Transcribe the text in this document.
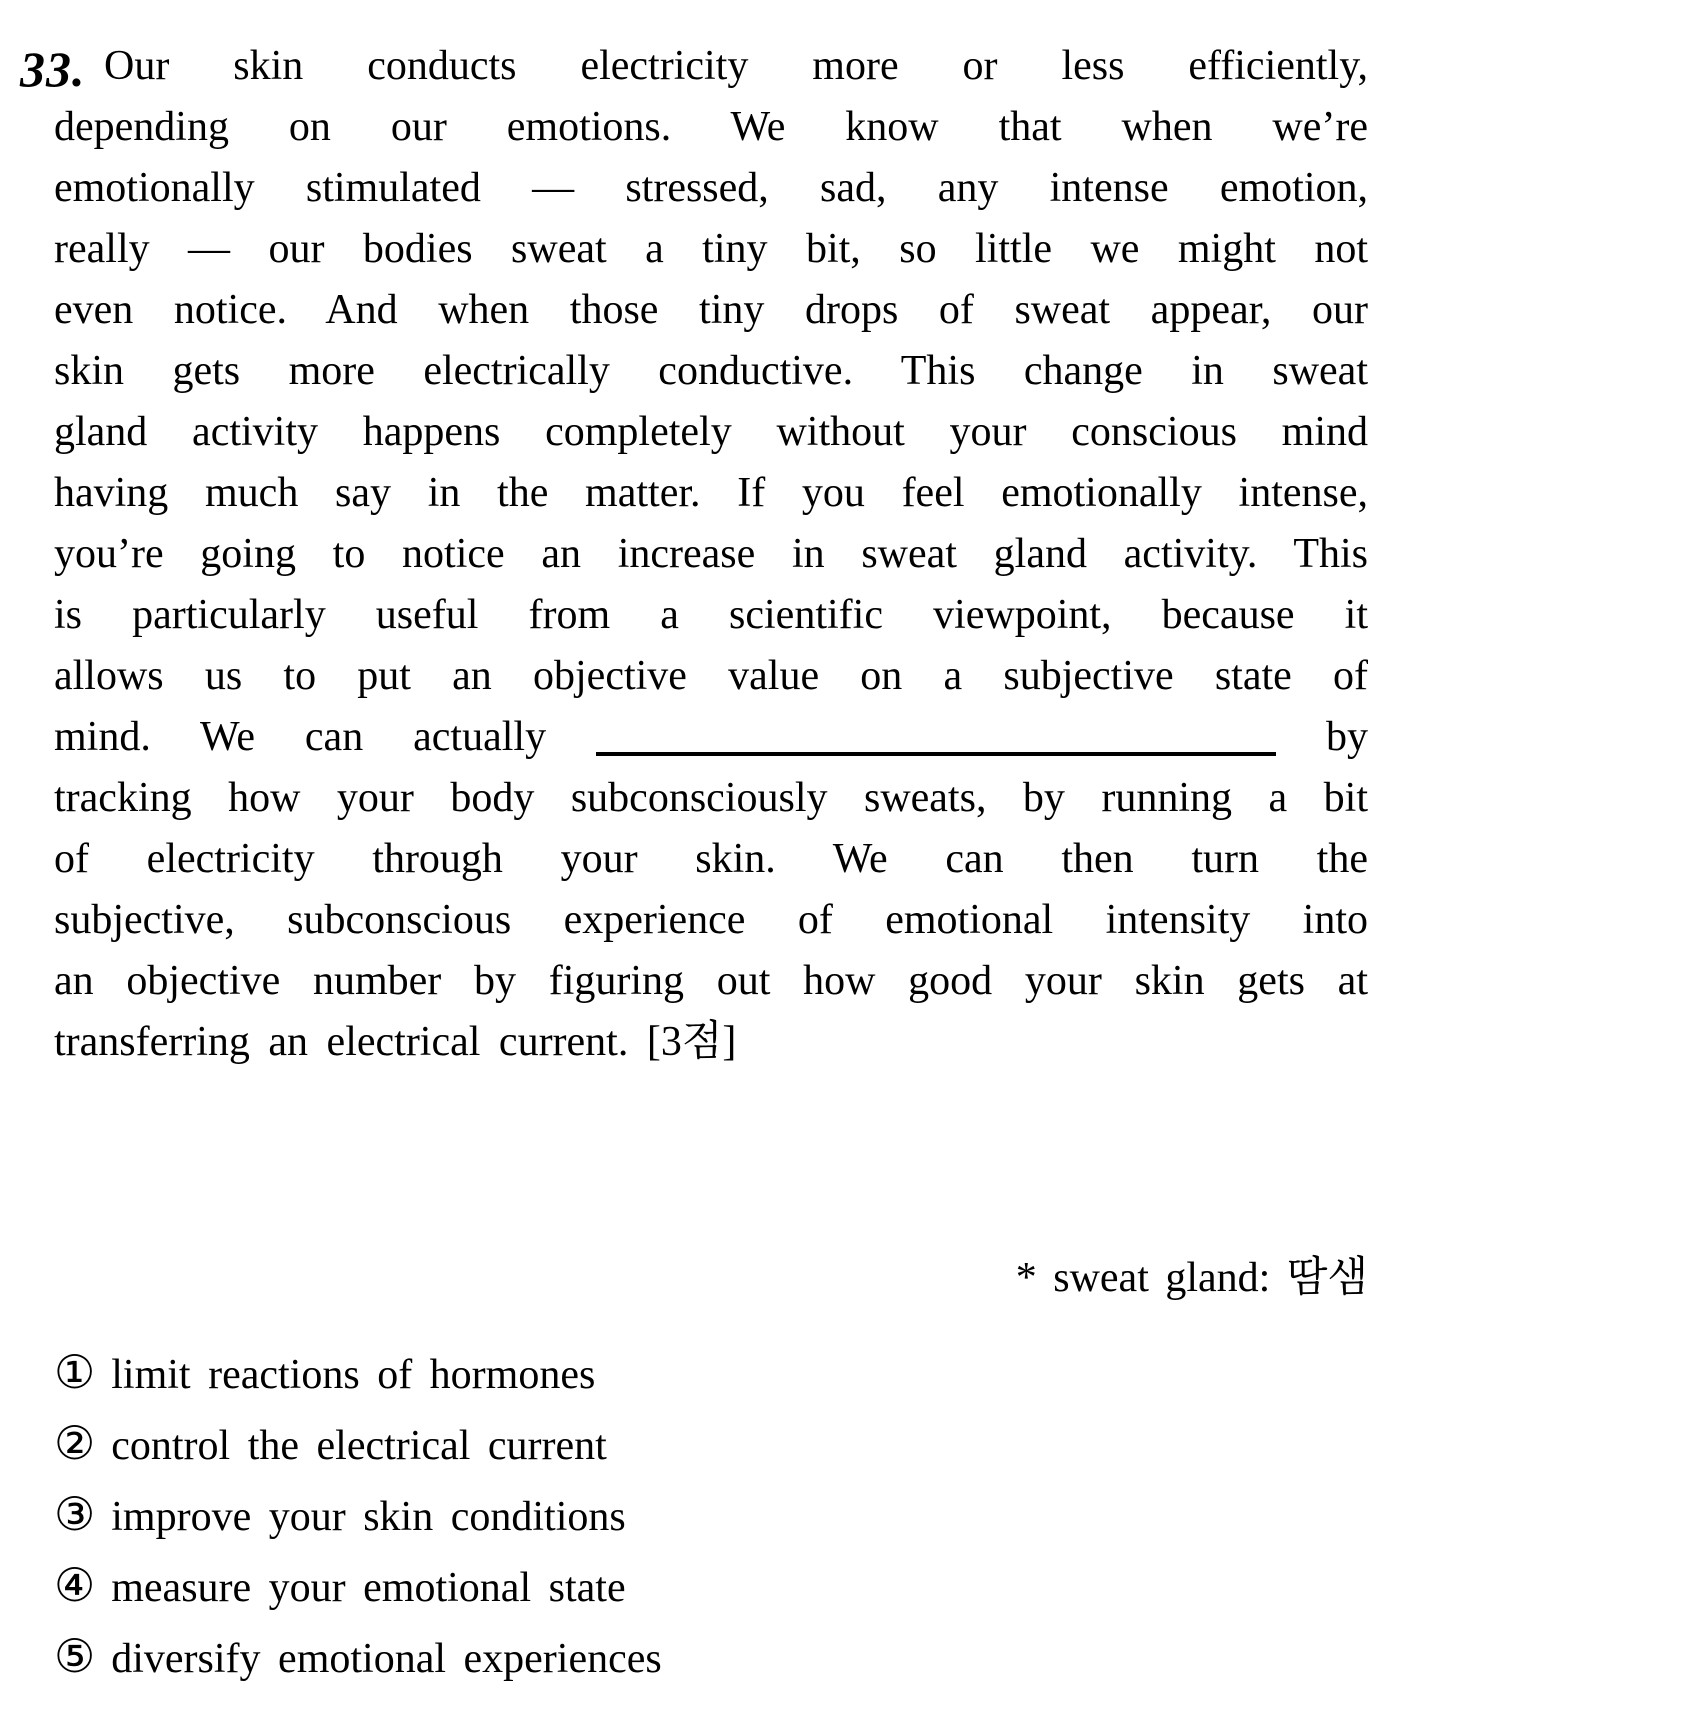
33. Our skin conducts electricity more or less efficiently,
depending on our emotions. We know that when we’re
emotionally stimulated — stressed, sad, any intense emotion,
really — our bodies sweat a tiny bit, so little we might not
even notice. And when those tiny drops of sweat appear, our
skin gets more electrically conductive. This change in sweat
gland activity happens completely without your conscious mind
having much say in the matter. If you feel emotionally intense,
you’re going to notice an increase in sweat gland activity. This
is particularly useful from a scientific viewpoint, because it
allows us to put an objective value on a subjective state of
mind. We can actually	by
tracking how your body subconsciously sweats, by running a bit
of electricity through your skin. We can then turn the
subjective, subconscious experience of emotional intensity into
an objective number by figuring out how good your skin gets at
transferring an electrical current. [3점]
* sweat gland: 땀샘
① limit reactions of hormones
② control the electrical current
③ improve your skin conditions
④ measure your emotional state
⑤ diversify emotional experiences
